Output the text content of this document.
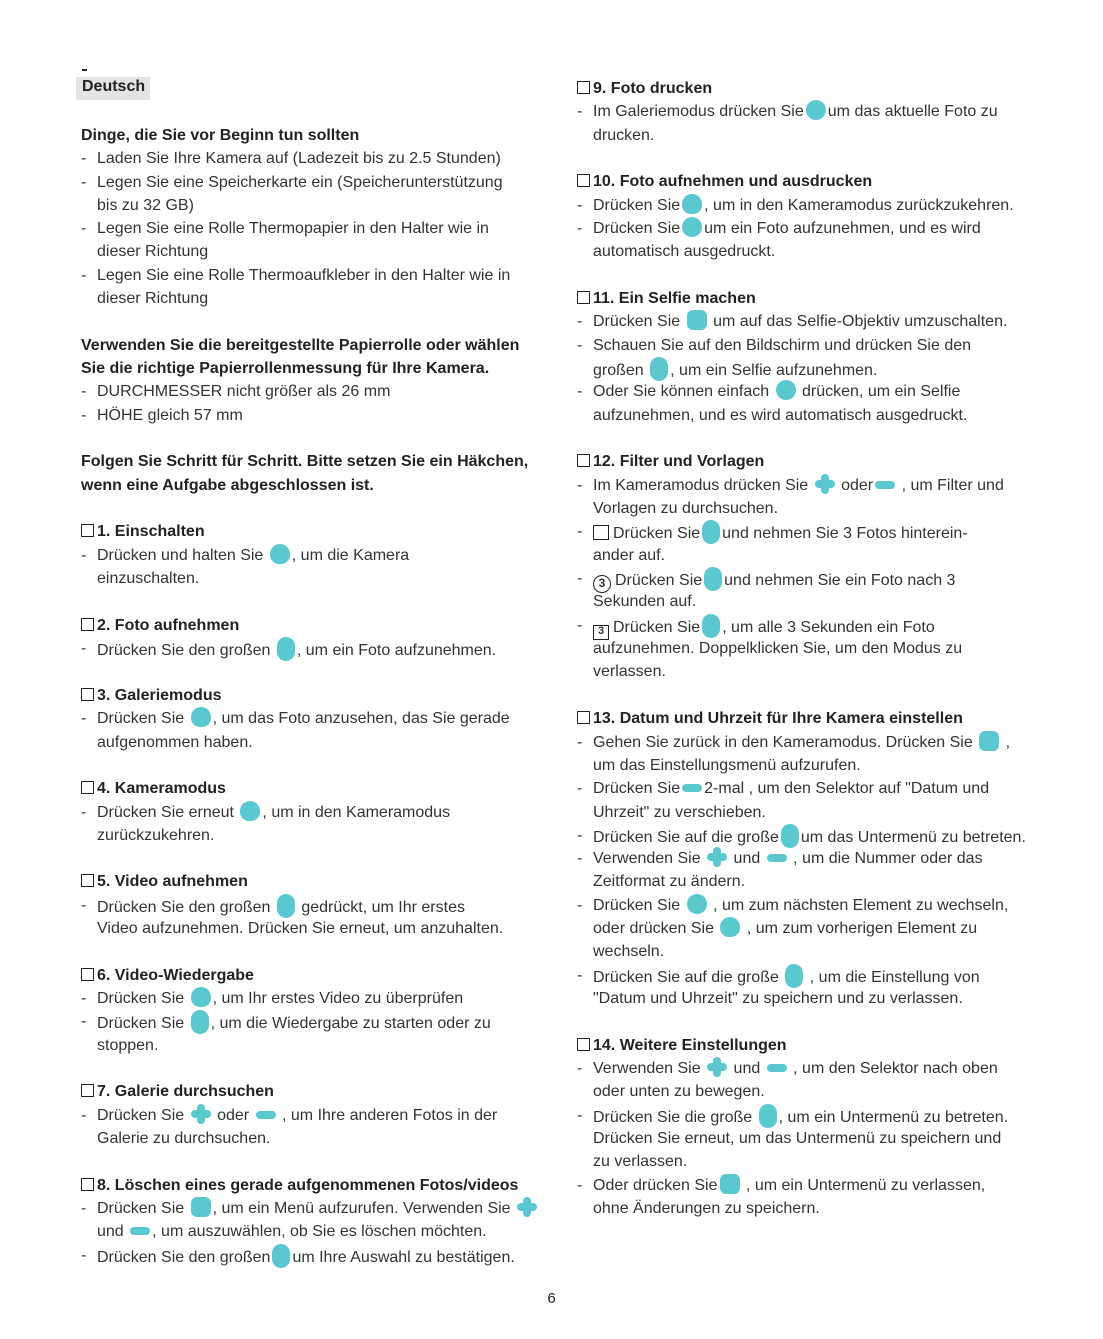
Deutsch
Dinge, die Sie vor Beginn tun sollten
- Laden Sie Ihre Kamera auf (Ladezeit bis zu 2.5 Stunden)
- Legen Sie eine Speicherkarte ein (Speicherunterstützung
bis zu 32 GB)
- Legen Sie eine Rolle Thermopapier in den Halter wie in
dieser Richtung
- Legen Sie eine Rolle Thermoaufkleber in den Halter wie in
dieser Richtung
Verwenden Sie die bereitgestellte Papierrolle oder wählen
Sie die richtige Papierrollenmessung für Ihre Kamera.
- DURCHMESSER nicht größer als 26 mm
- HÖHE gleich 57 mm
Folgen Sie Schritt für Schritt. Bitte setzen Sie ein Häkchen,
wenn eine Aufgabe abgeschlossen ist.
1. Einschalten
- Drücken und halten Sie , um die Kamera
einzuschalten.
2. Foto aufnehmen
- Drücken Sie den großen , um ein Foto aufzunehmen.
3. Galeriemodus
- Drücken Sie , um das Foto anzusehen, das Sie gerade
aufgenommen haben.
4. Kameramodus
- Drücken Sie erneut , um in den Kameramodus
zurückzukehren.
5. Video aufnehmen
- Drücken Sie den großen gedrückt, um Ihr erstes
Video aufzunehmen. Drücken Sie erneut, um anzuhalten.
6. Video-Wiedergabe
- Drücken Sie , um Ihr erstes Video zu überprüfen
- Drücken Sie , um die Wiedergabe zu starten oder zu
stoppen.
7. Galerie durchsuchen
- Drücken Sie oder , um Ihre anderen Fotos in der
Galerie zu durchsuchen.
8. Löschen eines gerade aufgenommenen Fotos/videos
- Drücken Sie , um ein Menü aufzurufen. Verwenden Sie
und , um auszuwählen, ob Sie es löschen möchten.
- Drücken Sie den großen um Ihre Auswahl zu bestätigen.
9. Foto drucken
- Im Galeriemodus drücken Sie um das aktuelle Foto zu
drucken.
10. Foto aufnehmen und ausdrucken
- Drücken Sie , um in den Kameramodus zurückzukehren.
- Drücken Sie um ein Foto aufzunehmen, und es wird
automatisch ausgedruckt.
11. Ein Selfie machen
- Drücken Sie um auf das Selfie-Objektiv umzuschalten.
- Schauen Sie auf den Bildschirm und drücken Sie den
großen , um ein Selfie aufzunehmen.
- Oder Sie können einfach drücken, um ein Selfie
aufzunehmen, und es wird automatisch ausgedruckt.
12. Filter und Vorlagen
- Im Kameramodus drücken Sie oder , um Filter und
Vorlagen zu durchsuchen.
- Drücken Sie und nehmen Sie 3 Fotos hinterein-
ander auf.
- 3 Drücken Sie und nehmen Sie ein Foto nach 3
Sekunden auf.
- 3 Drücken Sie , um alle 3 Sekunden ein Foto
aufzunehmen. Doppelklicken Sie, um den Modus zu
verlassen.
13. Datum und Uhrzeit für Ihre Kamera einstellen
- Gehen Sie zurück in den Kameramodus. Drücken Sie ,
um das Einstellungsmenü aufzurufen.
- Drücken Sie 2-mal , um den Selektor auf "Datum und
Uhrzeit" zu verschieben.
- Drücken Sie auf die große um das Untermenü zu betreten.
- Verwenden Sie und , um die Nummer oder das
Zeitformat zu ändern.
- Drücken Sie , um zum nächsten Element zu wechseln,
oder drücken Sie , um zum vorherigen Element zu
wechseln.
- Drücken Sie auf die große , um die Einstellung von
"Datum und Uhrzeit" zu speichern und zu verlassen.
14. Weitere Einstellungen
- Verwenden Sie und , um den Selektor nach oben
oder unten zu bewegen.
- Drücken Sie die große , um ein Untermenü zu betreten.
Drücken Sie erneut, um das Untermenü zu speichern und
zu verlassen.
- Oder drücken Sie , um ein Untermenü zu verlassen,
ohne Änderungen zu speichern.
6
